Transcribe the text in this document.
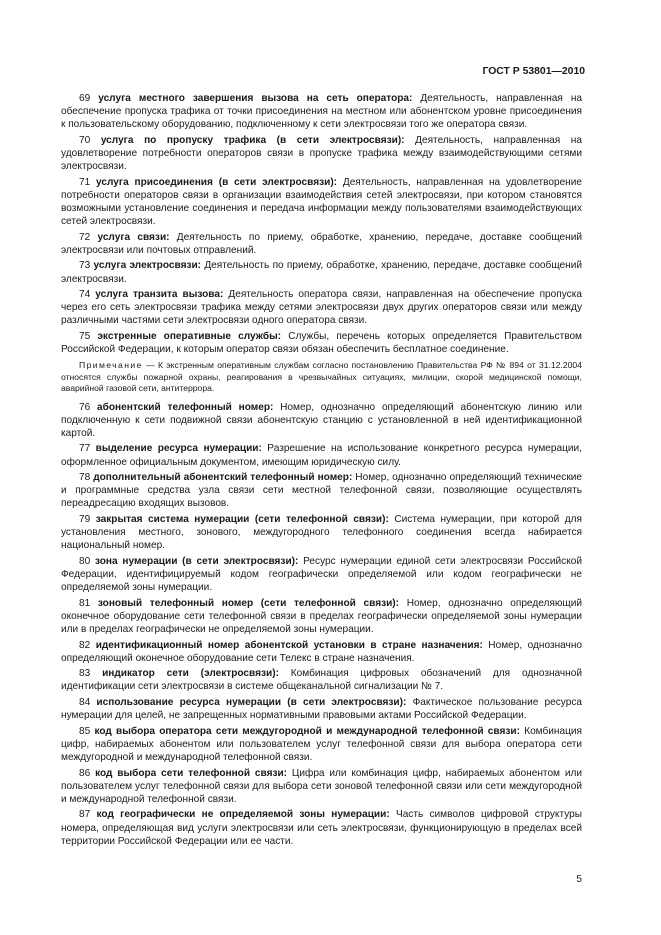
ГОСТ Р 53801—2010

69 услуга местного завершения вызова на сеть оператора: Деятельность, направленная на обеспечение пропуска трафика от точки присоединения на местном или абонентском уровне присоединения к пользовательскому оборудованию, подключенному к сети электросвязи того же оператора связи.

70 услуга по пропуску трафика (в сети электросвязи): Деятельность, направленная на удовлетворение потребности операторов связи в пропуске трафика между взаимодействующими сетями электросвязи.

71 услуга присоединения (в сети электросвязи): Деятельность, направленная на удовлетворение потребности операторов связи в организации взаимодействия сетей электросвязи, при котором становятся возможными установление соединения и передача информации между пользователями взаимодействующих сетей электросвязи.

72 услуга связи: Деятельность по приему, обработке, хранению, передаче, доставке сообщений электросвязи или почтовых отправлений.

73 услуга электросвязи: Деятельность по приему, обработке, хранению, передаче, доставке сообщений электросвязи.

74 услуга транзита вызова: Деятельность оператора связи, направленная на обеспечение пропуска через его сеть электросвязи трафика между сетями электросвязи двух других операторов связи или между различными частями сети электросвязи одного оператора связи.

75 экстренные оперативные службы: Службы, перечень которых определяется Правительством Российской Федерации, к которым оператор связи обязан обеспечить бесплатное соединение.

Примечание — К экстренным оперативным службам согласно постановлению Правительства РФ № 894 от 31.12.2004 относятся службы пожарной охраны, реагирования в чрезвычайных ситуациях, милиции, скорой медицинской помощи, аварийной газовой сети, антитеррора.

76 абонентский телефонный номер: Номер, однозначно определяющий абонентскую линию или подключенную к сети подвижной связи абонентскую станцию с установленной в ней идентификационной картой.

77 выделение ресурса нумерации: Разрешение на использование конкретного ресурса нумерации, оформленное официальным документом, имеющим юридическую силу.

78 дополнительный абонентский телефонный номер: Номер, однозначно определяющий технические и программные средства узла связи сети местной телефонной связи, позволяющие осуществлять переадресацию входящих вызовов.

79 закрытая система нумерации (сети телефонной связи): Система нумерации, при которой для установления местного, зонового, междугородного телефонного соединения всегда набирается национальный номер.

80 зона нумерации (в сети электросвязи): Ресурс нумерации единой сети электросвязи Российской Федерации, идентифицируемый кодом географически определяемой или кодом географически не определяемой зоны нумерации.

81 зоновый телефонный номер (сети телефонной связи): Номер, однозначно определяющий оконечное оборудование сети телефонной связи в пределах географически определяемой зоны нумерации или в пределах географически не определяемой зоны нумерации.

82 идентификационный номер абонентской установки в стране назначения: Номер, однозначно определяющий оконечное оборудование сети Телекс в стране назначения.

83 индикатор сети (электросвязи): Комбинация цифровых обозначений для однозначной идентификации сети электросвязи в системе общеканальной сигнализации № 7.

84 использование ресурса нумерации (в сети электросвязи): Фактическое пользование ресурса нумерации для целей, не запрещенных нормативными правовыми актами Российской Федерации.

85 код выбора оператора сети междугородной и международной телефонной связи: Комбинация цифр, набираемых абонентом или пользователем услуг телефонной связи для выбора оператора сети междугородной и международной телефонной связи.

86 код выбора сети телефонной связи: Цифра или комбинация цифр, набираемых абонентом или пользователем услуг телефонной связи для выбора сети зоновой телефонной связи или сети междугородной и международной телефонной связи.

87 код географически не определяемой зоны нумерации: Часть символов цифровой структуры номера, определяющая вид услуги электросвязи или сеть электросвязи, функционирующую в пределах всей территории Российской Федерации или ее части.

5
